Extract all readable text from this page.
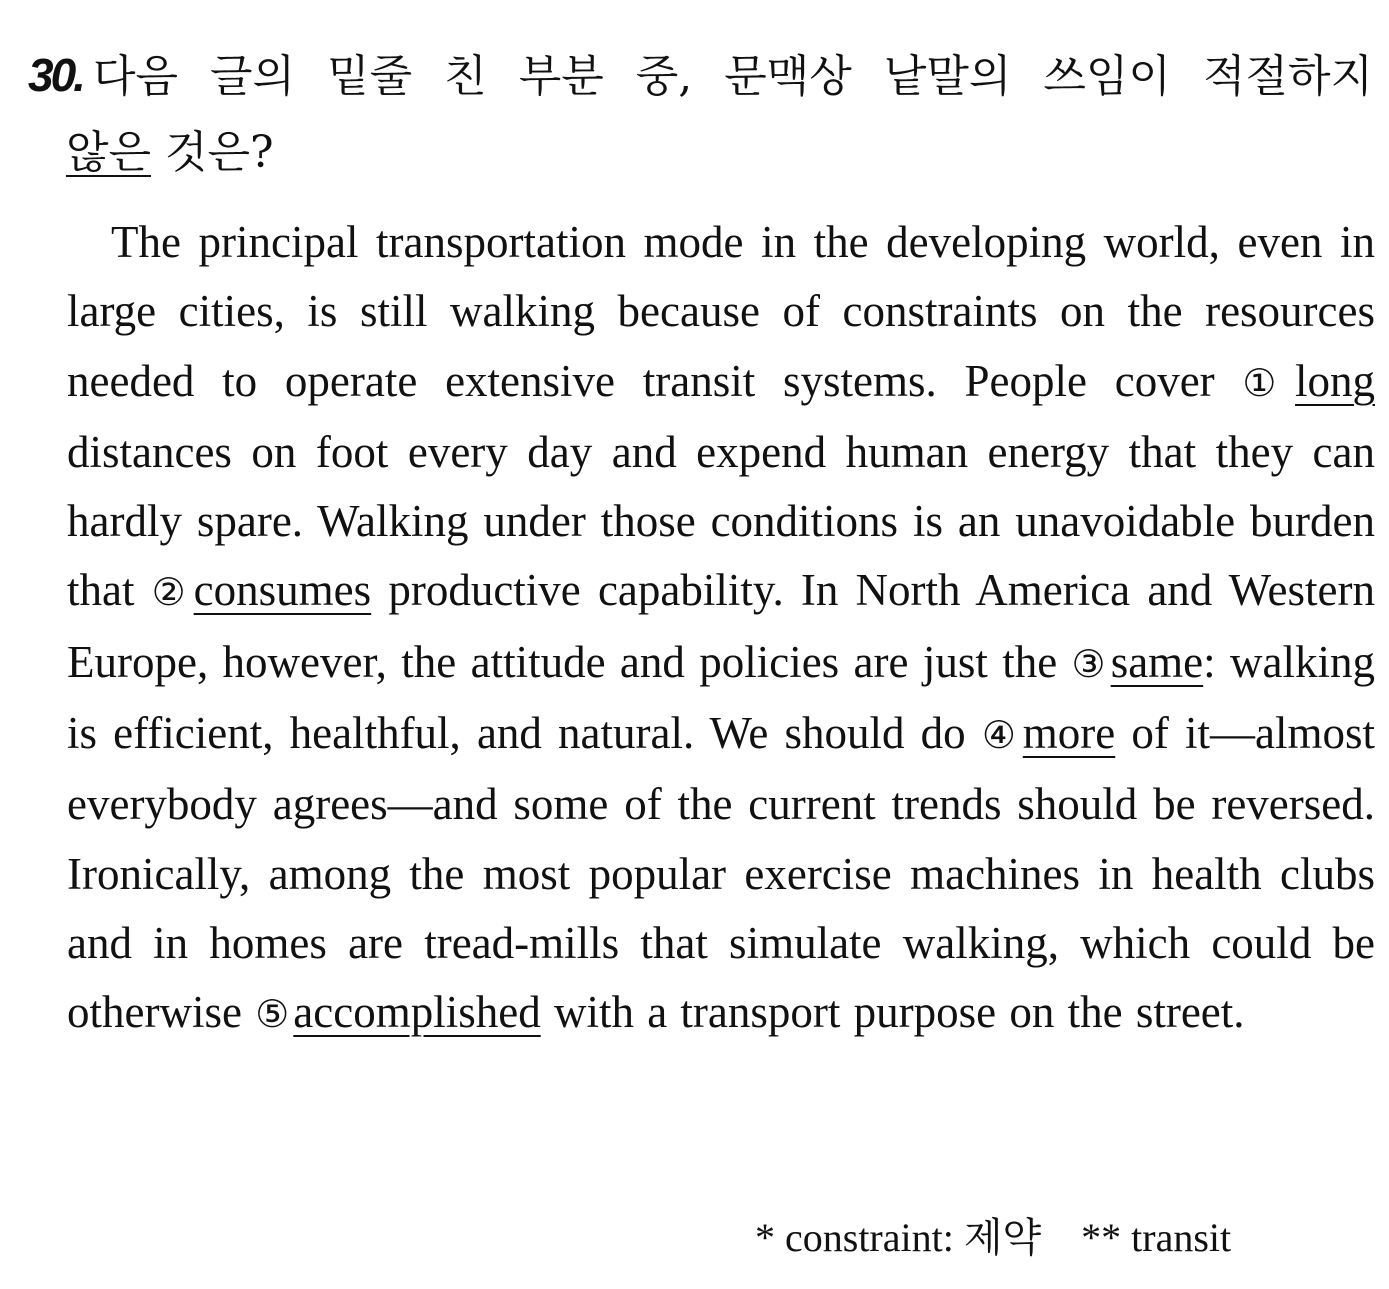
30. 다음 글의 밑줄 친 부분 중, 문맥상 낱말의 쓰임이 적절하지

않은 것은?

The principal transportation mode in the developing world, even in large cities, is still walking because of constraints on the resources needed to operate extensive transit systems. People cover ①long distances on foot every day and expend human energy that they can hardly spare. Walking under those conditions is an unavoidable burden that ②consumes productive capability. In North America and Western Europe, however, the attitude and policies are just the ③same: walking is efficient, healthful, and natural. We should do ④more of it―almost everybody agrees―and some of the current trends should be reversed. Ironically, among the most popular exercise machines in health clubs and in homes are tread-mills that simulate walking, which could be otherwise ⑤accomplished with a transport purpose on the street.

* constraint: 제약 ** transit
